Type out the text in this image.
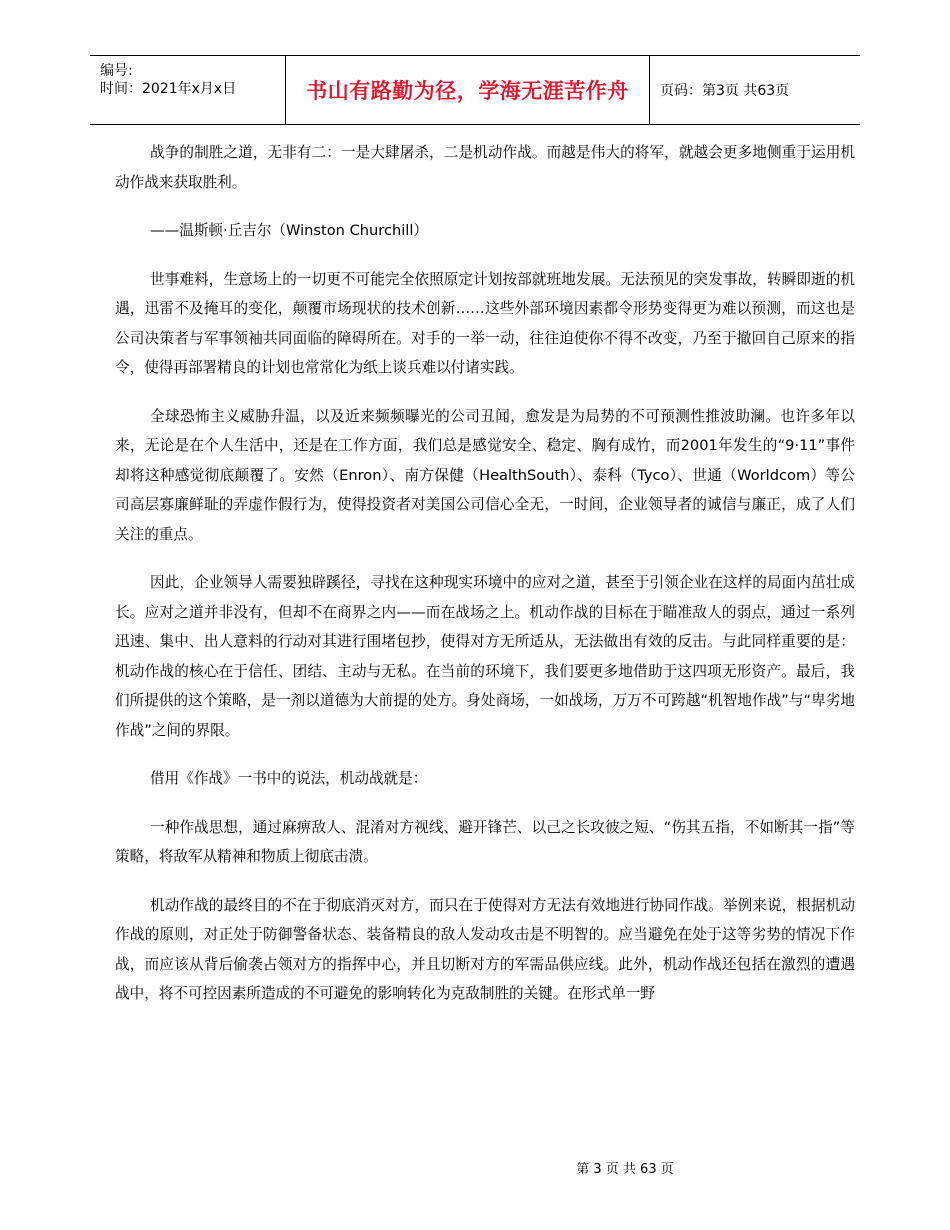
编号:
时间：2021年x月x日	书山有路勤为径，学海无涯苦作舟	页码：第3页 共63页

战争的制胜之道，无非有二：一是大肆屠杀，二是机动作战。而越是伟大的将军，就越会更多地侧重于运用机动作战来获取胜利。

——温斯顿·丘吉尔（Winston Churchill）

世事难料，生意场上的一切更不可能完全依照原定计划按部就班地发展。无法预见的突发事故，转瞬即逝的机遇，迅雷不及掩耳的变化，颠覆市场现状的技术创新……这些外部环境因素都令形势变得更为难以预测，而这也是公司决策者与军事领袖共同面临的障碍所在。对手的一举一动，往往迫使你不得不改变，乃至于撤回自己原来的指令，使得再部署精良的计划也常常化为纸上谈兵难以付诸实践。

全球恐怖主义威胁升温，以及近来频频曝光的公司丑闻，愈发是为局势的不可预测性推波助澜。也许多年以来，无论是在个人生活中，还是在工作方面，我们总是感觉安全、稳定、胸有成竹，而2001年发生的“9·11”事件却将这种感觉彻底颠覆了。安然（Enron）、南方保健（HealthSouth）、泰科（Tyco）、世通（Worldcom）等公司高层寡廉鲜耻的弄虚作假行为，使得投资者对美国公司信心全无，一时间，企业领导者的诚信与廉正，成了人们关注的重点。

因此，企业领导人需要独辟蹊径，寻找在这种现实环境中的应对之道，甚至于引领企业在这样的局面内茁壮成长。应对之道并非没有，但却不在商界之内——而在战场之上。机动作战的目标在于瞄准敌人的弱点，通过一系列迅速、集中、出人意料的行动对其进行围堵包抄，使得对方无所适从，无法做出有效的反击。与此同样重要的是：机动作战的核心在于信任、团结、主动与无私。在当前的环境下，我们要更多地借助于这四项无形资产。最后，我们所提供的这个策略，是一剂以道德为大前提的处方。身处商场，一如战场，万万不可跨越“机智地作战”与“卑劣地作战”之间的界限。

借用《作战》一书中的说法，机动战就是：

一种作战思想，通过麻痹敌人、混淆对方视线、避开锋芒、以己之长攻彼之短、“伤其五指，不如断其一指”等策略，将敌军从精神和物质上彻底击溃。

机动作战的最终目的不在于彻底消灭对方，而只在于使得对方无法有效地进行协同作战。举例来说，根据机动作战的原则，对正处于防御警备状态、装备精良的敌人发动攻击是不明智的。应当避免在处于这等劣势的情况下作战，而应该从背后偷袭占领对方的指挥中心，并且切断对方的军需品供应线。此外，机动作战还包括在激烈的遭遇战中，将不可控因素所造成的不可避免的影响转化为克敌制胜的关键。在形式单一野

第 3 页 共 63 页
